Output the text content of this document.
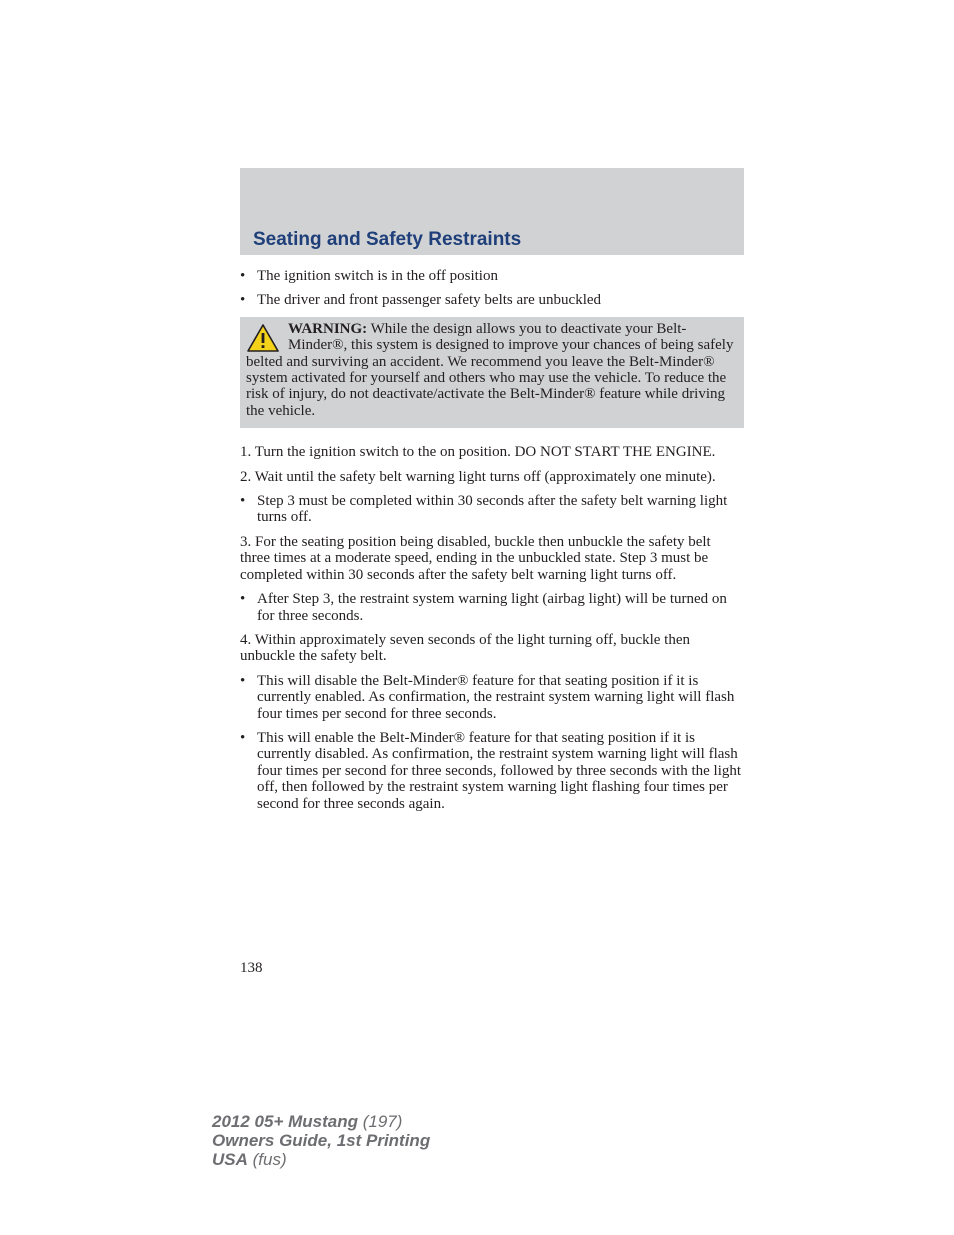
Seating and Safety Restraints
• The ignition switch is in the off position
• The driver and front passenger safety belts are unbuckled
WARNING: While the design allows you to deactivate your Belt-Minder®, this system is designed to improve your chances of being safely belted and surviving an accident. We recommend you leave the Belt-Minder® system activated for yourself and others who may use the vehicle. To reduce the risk of injury, do not deactivate/activate the Belt-Minder® feature while driving the vehicle.

1. Turn the ignition switch to the on position. DO NOT START THE ENGINE.

2. Wait until the safety belt warning light turns off (approximately one minute).

• Step 3 must be completed within 30 seconds after the safety belt warning light turns off.

3. For the seating position being disabled, buckle then unbuckle the safety belt three times at a moderate speed, ending in the unbuckled state. Step 3 must be completed within 30 seconds after the safety belt warning light turns off.

• After Step 3, the restraint system warning light (airbag light) will be turned on for three seconds.

4. Within approximately seven seconds of the light turning off, buckle then unbuckle the safety belt.

• This will disable the Belt-Minder® feature for that seating position if it is currently enabled. As confirmation, the restraint system warning light will flash four times per second for three seconds.
• This will enable the Belt-Minder® feature for that seating position if it is currently disabled. As confirmation, the restraint system warning light will flash four times per second for three seconds, followed by three seconds with the light off, then followed by the restraint system warning light flashing four times per second for three seconds again.
138
2012 05+ Mustang (197)
Owners Guide, 1st Printing
USA (fus)
